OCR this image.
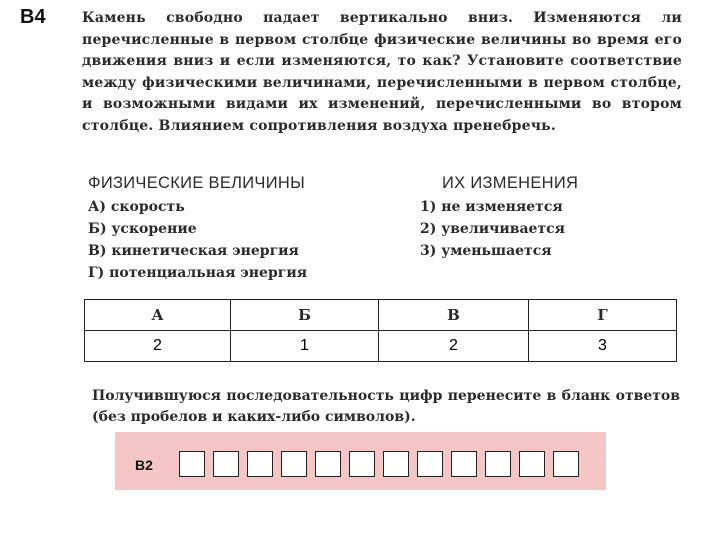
B4	Камень свободно падает вертикально вниз. Изменяются ли перечисленные в первом столбце физические величины во время его движения вниз и если изменяются, то как? Установите соответствие между физическими величинами, перечисленными в первом столбце, и возможными видами их изменений, перечисленными во втором столбце. Влиянием сопротивления воздуха пренебречь.

ФИЗИЧЕСКИЕ ВЕЛИЧИНЫ
А) скорость
Б) ускорение
В) кинетическая энергия
Г) потенциальная энергия
ИХ ИЗМЕНЕНИЯ
1) не изменяется
2) увеличивается
3) уменьшается
А	Б	В	Г
2	1	2	3

Получившуюся последовательность цифр перенесите в бланк ответов (без пробелов и каких-либо символов).

B2
